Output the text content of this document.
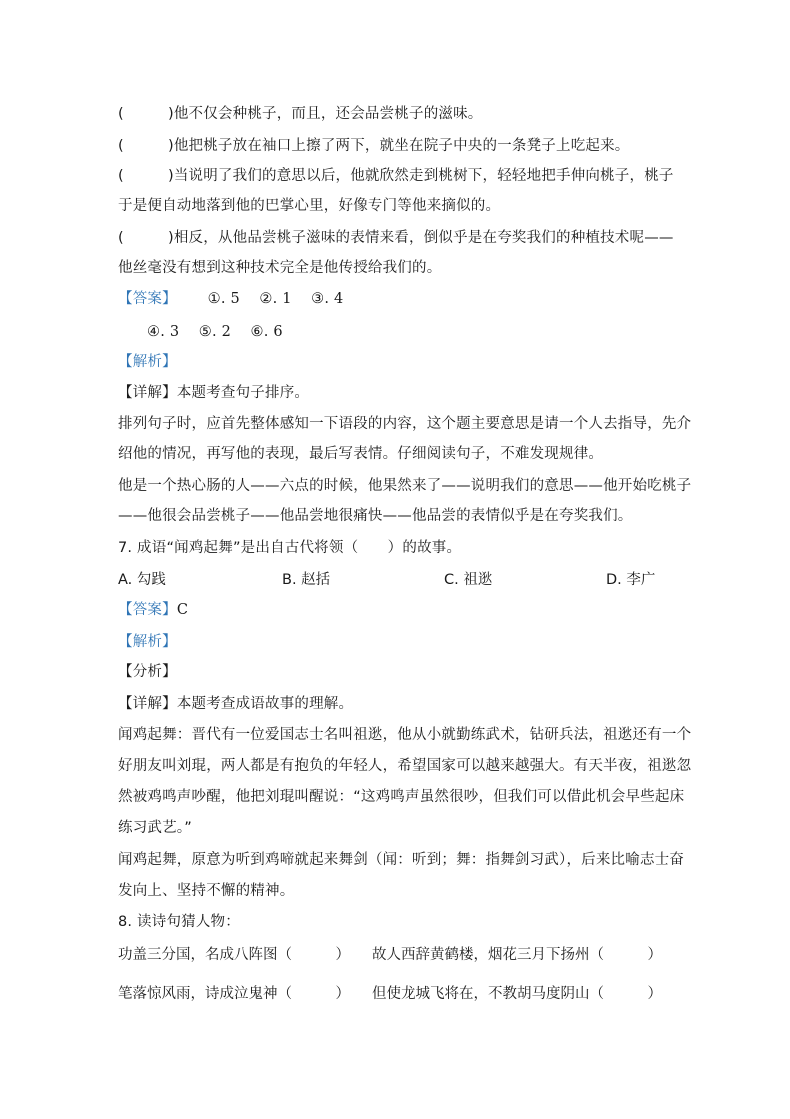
(　　　)他不仅会种桃子，而且，还会品尝桃子的滋味。
(　　　)他把桃子放在袖口上擦了两下，就坐在院子中央的一条凳子上吃起来。
(　　　)当说明了我们的意思以后，他就欣然走到桃树下，轻轻地把手伸向桃子，桃子
于是便自动地落到他的巴掌心里，好像专门等他来摘似的。
(　　　)相反，从他品尝桃子滋味的表情来看，倒似乎是在夸奖我们的种植技术呢——
他丝毫没有想到这种技术完全是他传授给我们的。
【答案】 ①. 5　 ②. 1　 ③. 4
④. 3　 ⑤. 2　 ⑥. 6
【解析】
【详解】本题考查句子排序。
排列句子时，应首先整体感知一下语段的内容，这个题主要意思是请一个人去指导，先介
绍他的情况，再写他的表现，最后写表情。仔细阅读句子，不难发现规律。
他是一个热心肠的人——六点的时候，他果然来了——说明我们的意思——他开始吃桃子
——他很会品尝桃子——他品尝地很痛快——他品尝的表情似乎是在夸奖我们。
7. 成语“闻鸡起舞”是出自古代将领（　　）的故事。
A. 勾践	B. 赵括	C. 祖逖	D. 李广
【答案】C
【解析】
【分析】
【详解】本题考查成语故事的理解。
闻鸡起舞：晋代有一位爱国志士名叫祖逖，他从小就勤练武术，钻研兵法，祖逖还有一个
好朋友叫刘琨，两人都是有抱负的年轻人，希望国家可以越来越强大。有天半夜，祖逖忽
然被鸡鸣声吵醒，他把刘琨叫醒说：“这鸡鸣声虽然很吵，但我们可以借此机会早些起床
练习武艺。”
闻鸡起舞，原意为听到鸡啼就起来舞剑（闻：听到；舞：指舞剑习武），后来比喻志士奋
发向上、坚持不懈的精神。
8. 读诗句猜人物：
功盖三分国，名成八阵图（　　　） 故人西辞黄鹤楼，烟花三月下扬州（　　　）
笔落惊风雨，诗成泣鬼神（　　　） 但使龙城飞将在，不教胡马度阴山（　　　）
